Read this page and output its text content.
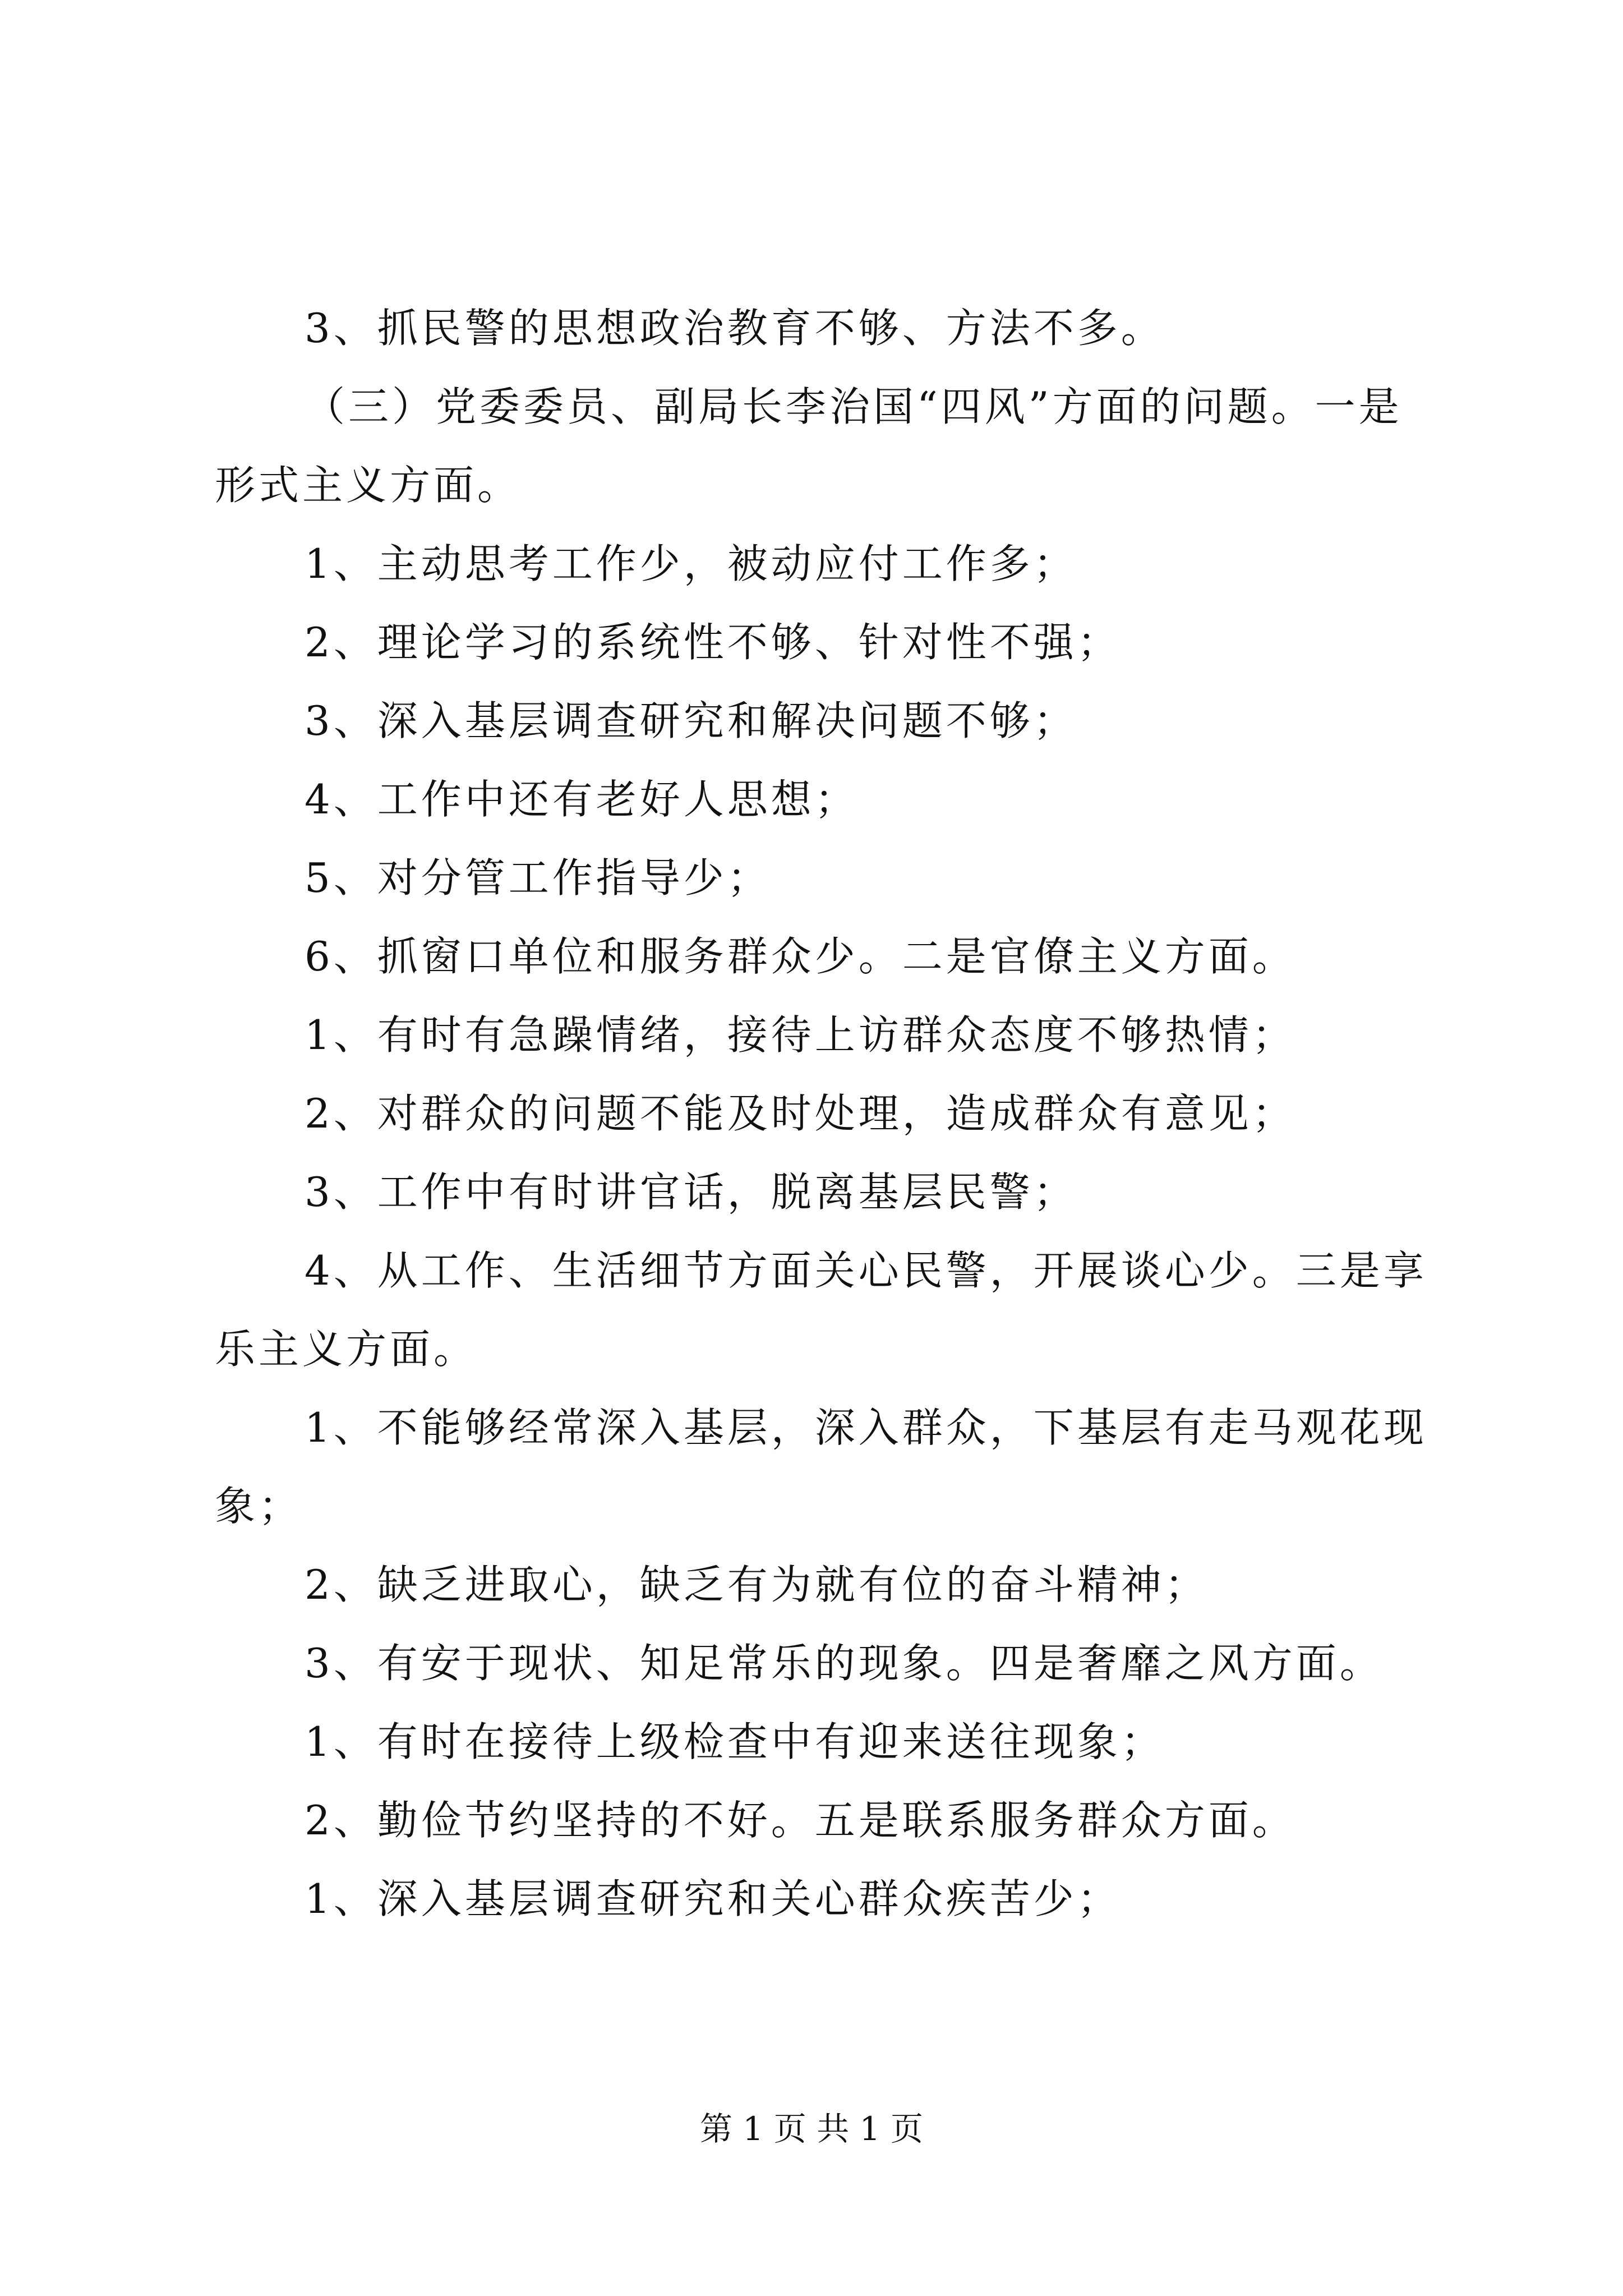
3、抓民警的思想政治教育不够、方法不多。

（三）党委委员、副局长李治国“四风”方面的问题。一是

形式主义方面。

1、主动思考工作少，被动应付工作多；

2、理论学习的系统性不够、针对性不强；

3、深入基层调查研究和解决问题不够；

4、工作中还有老好人思想；

5、对分管工作指导少；

6、抓窗口单位和服务群众少。二是官僚主义方面。

1、有时有急躁情绪，接待上访群众态度不够热情；

2、对群众的问题不能及时处理，造成群众有意见；

3、工作中有时讲官话，脱离基层民警；

4、从工作、生活细节方面关心民警，开展谈心少。三是享

乐主义方面。

1、不能够经常深入基层，深入群众，下基层有走马观花现

象；

2、缺乏进取心，缺乏有为就有位的奋斗精神；

3、有安于现状、知足常乐的现象。四是奢靡之风方面。

1、有时在接待上级检查中有迎来送往现象；

2、勤俭节约坚持的不好。五是联系服务群众方面。

1、深入基层调查研究和关心群众疾苦少；

第 1 页 共 1 页
